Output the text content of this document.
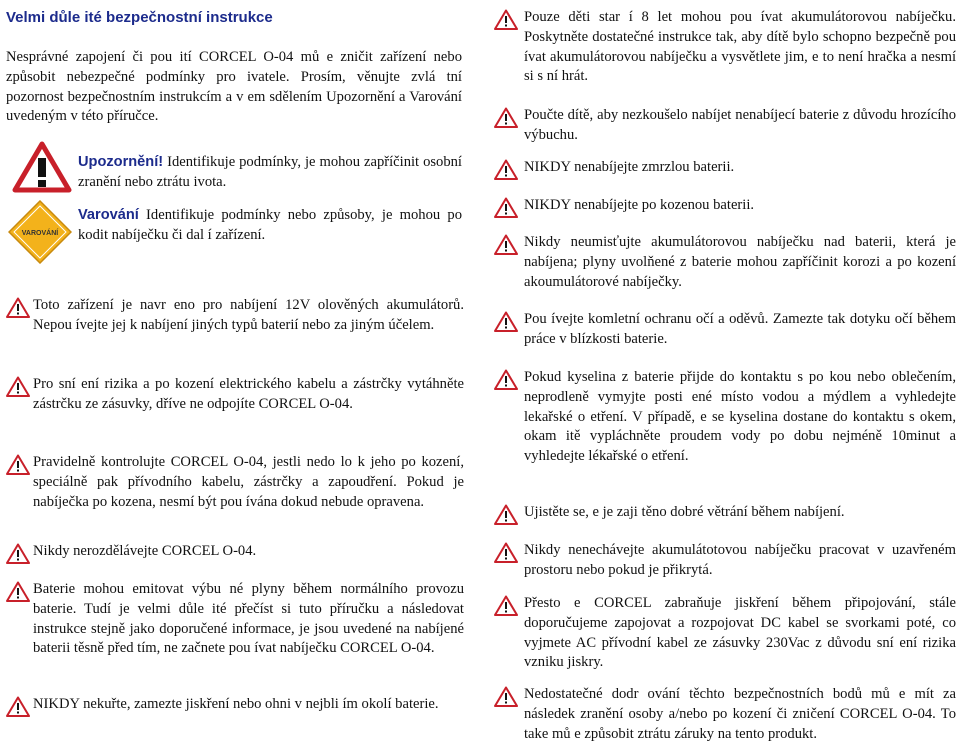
Velmi důle ité bezpečnostní instrukce
Nesprávné zapojení či pou ití CORCEL O-04 mů e zničit zařízení nebo způsobit nebezpečné podmínky pro ivatele. Prosím, věnujte zvlá tní pozornost bezpečnostním instrukcím a v em sdělením Upozornění a Varování uvedeným v této příručce.
Upozornění! Identifikuje podmínky, je mohou zapříčinit osobní zranění nebo ztrátu ivota.
VAROVÁNÍ
Varování Identifikuje podmínky nebo způsoby, je mohou po kodit nabíječku či dal í zařízení.
Toto zařízení je navr eno pro nabíjení 12V olověných akumulátorů. Nepou ívejte jej k nabíjení jiných typů baterií nebo za jiným účelem.
Pro sní ení rizika a po kození elektrického kabelu a zástrčky vytáhněte zástrčku ze zásuvky, dříve ne odpojíte CORCEL O-04.
Pravidelně kontrolujte CORCEL O-04, jestli nedo lo k jeho po kození, speciálně pak přívodního kabelu, zástrčky a zapoudření. Pokud je nabíječka po kozena, nesmí být pou ívána dokud nebude opravena.
Nikdy nerozdělávejte CORCEL O-04.
Baterie mohou emitovat výbu né plyny během normálního provozu baterie. Tudí je velmi důle ité přečíst si tuto příručku a následovat instrukce stejně jako doporučené informace, je jsou uvedené na nabíjené baterii těsně před tím, ne začnete pou ívat nabíječku CORCEL O-04.
NIKDY nekuřte, zamezte jiskření nebo ohni v nejbli ím okolí baterie.
Pouze děti star í 8 let mohou pou ívat akumulátorovou nabíječku. Poskytněte dostatečné instrukce tak, aby dítě bylo schopno bezpečně pou ívat akumulátorovou nabíječku a vysvětlete jim, e to není hračka a nesmí si s ní hrát.
Poučte dítě, aby nezkoušelo nabíjet nenabíjecí baterie z důvodu hrozícího výbuchu.
NIKDY nenabíjejte zmrzlou baterii.
NIKDY nenabíjejte po kozenou baterii.
Nikdy neumisťujte akumulátorovou nabíječku nad baterii, která je nabíjena; plyny uvolňené z baterie mohou zapříčinit korozi a po kození akoumulátorové nabíječky.
Pou ívejte komletní ochranu očí a oděvů. Zamezte tak dotyku očí během práce v blízkosti baterie.
Pokud kyselina z baterie přijde do kontaktu s po kou nebo oblečením, neprodleně vymyjte posti ené místo vodou a mýdlem a vyhledejte lekařské o etření. V případě, e se kyselina dostane do kontaktu s okem, okam itě vypláchněte proudem vody po dobu nejméně 10minut a vyhledejte lékařské o etření.
Ujistěte se, e je zaji těno dobré větrání během nabíjení.
Nikdy nenechávejte akumulátotovou nabíječku pracovat v uzavřeném prostoru nebo pokud je přikrytá.
Přesto e CORCEL zabraňuje jiskření během připojování, stále doporučujeme zapojovat a rozpojovat DC kabel se svorkami poté, co vyjmete AC přívodní kabel ze zásuvky 230Vac z důvodu sní ení rizika vzniku jiskry.
Nedostatečné dodr ování těchto bezpečnostních bodů mů e mít za následek zranění osoby a/nebo po kození či zničení CORCEL O-04. To take mů e způsobit ztrátu záruky na tento produkt.
